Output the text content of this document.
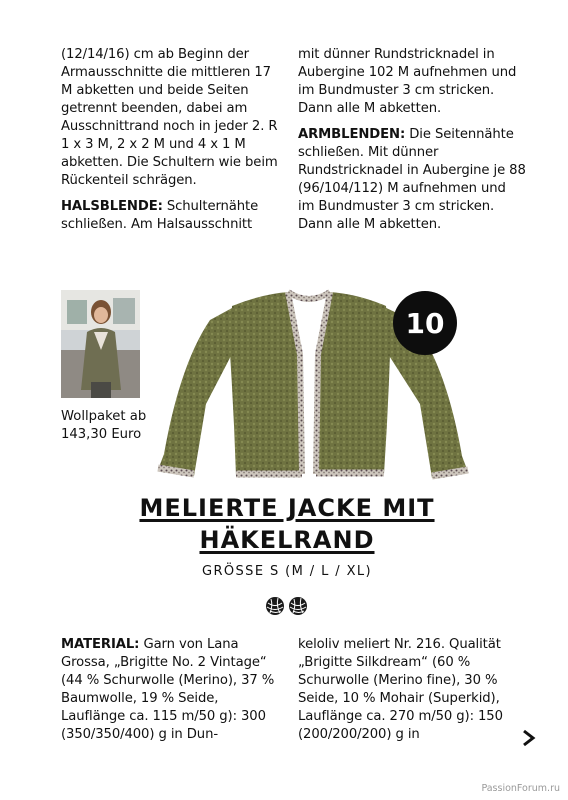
(12/14/16) cm ab Beginn der Armausschnitte die mittleren 17 M abketten und beide Seiten getrennt beenden, dabei am Ausschnittrand noch in jeder 2. R 1 x 3 M, 2 x 2 M und 4 x 1 M abketten. Die Schultern wie beim Rückenteil schrägen.

HALSBLENDE: Schulternähte schließen. Am Halsausschnitt

mit dünner Rundstricknadel in Aubergine 102 M aufnehmen und im Bundmuster 3 cm stricken. Dann alle M abketten.

ARMBLENDEN: Die Seitennähte schließen. Mit dünner Rundstricknadel in Aubergine je 88 (96/104/112) M aufnehmen und im Bundmuster 3 cm stricken. Dann alle M abketten.

Wollpaket ab 143,30 Euro
10
MELIERTE JACKE MIT
HÄKELRAND
GRÖSSE S (M / L / XL)

MATERIAL: Garn von Lana Grossa, „Brigitte No. 2 Vintage“ (44 % Schurwolle (Merino), 37 % Baumwolle, 19 % Seide, Lauflänge ca. 115 m/50 g): 300 (350/350/400) g in Dun-

keloliv meliert Nr. 216. Qualität „Brigitte Silkdream“ (60 % Schurwolle (Merino fine), 30 % Seide, 10 % Mohair (Superkid), Lauflänge ca. 270 m/50 g): 150 (200/200/200) g in

PassionForum.ru
